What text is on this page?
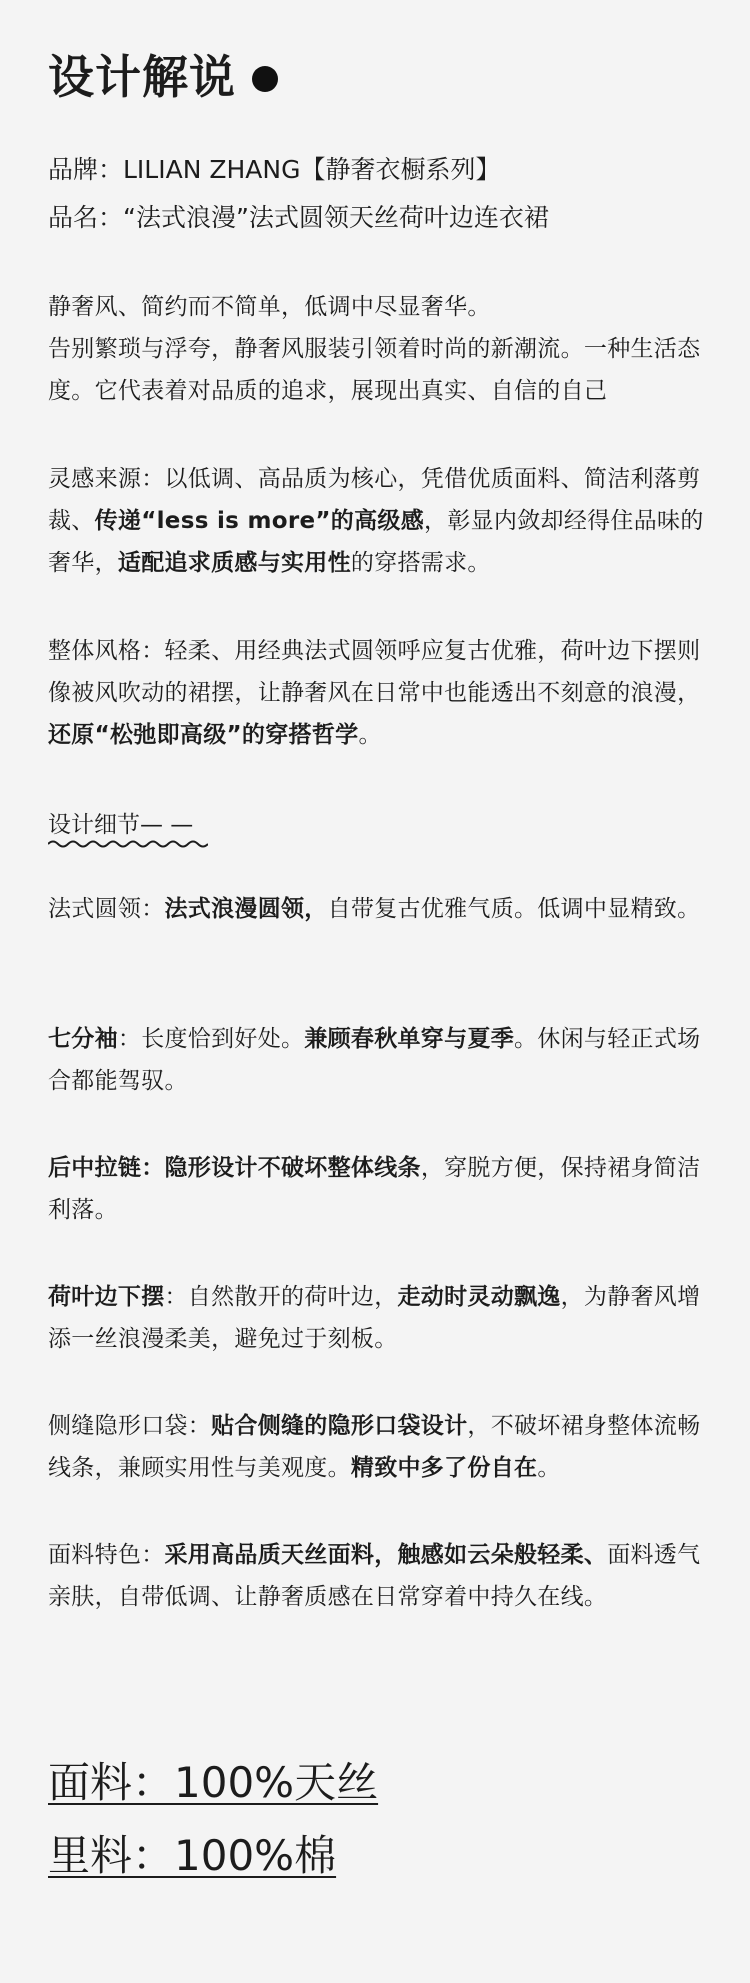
设计解说
品牌：LILIAN ZHANG【静奢衣橱系列】
品名：“法式浪漫”法式圆领天丝荷叶边连衣裙
静奢风、简约而不简单，低调中尽显奢华。
告别繁琐与浮夸，静奢风服装引领着时尚的新潮流。一种生活态度。它代表着对品质的追求，展现出真实、自信的自己
灵感来源：以低调、高品质为核心，凭借优质面料、简洁利落剪裁、传递“less is more”的高级感，彰显内敛却经得住品味的奢华，适配追求质感与实用性的穿搭需求。
整体风格：轻柔、用经典法式圆领呼应复古优雅，荷叶边下摆则像被风吹动的裙摆，让静奢风在日常中也能透出不刻意的浪漫，还原“松弛即高级”的穿搭哲学。
设计细节— —
法式圆领：法式浪漫圆领，自带复古优雅气质。低调中显精致。
七分袖：长度恰到好处。兼顾春秋单穿与夏季。休闲与轻正式场合都能驾驭。
后中拉链：隐形设计不破坏整体线条，穿脱方便，保持裙身简洁利落。
荷叶边下摆：自然散开的荷叶边，走动时灵动飘逸，为静奢风增添一丝浪漫柔美，避免过于刻板。
侧缝隐形口袋：贴合侧缝的隐形口袋设计，不破坏裙身整体流畅线条，兼顾实用性与美观度。精致中多了份自在。
面料特色：采用高品质天丝面料，触感如云朵般轻柔、面料透气亲肤，自带低调、让静奢质感在日常穿着中持久在线。
面料：100%天丝
里料：100%棉
